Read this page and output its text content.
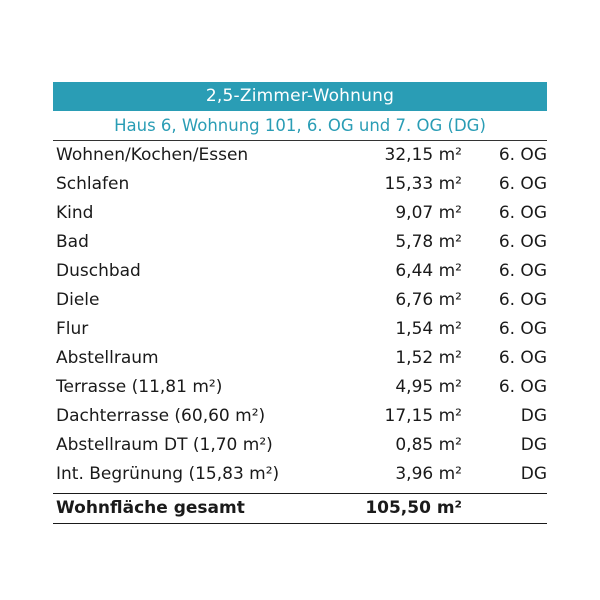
2,5-Zimmer-Wohnung
Haus 6, Wohnung 101, 6. OG und 7. OG (DG)
Wohnen/Kochen/Essen	32,15 m² 6. OG
Schlafen	15,33 m² 6. OG
Kind	9,07 m² 6. OG
Bad	5,78 m² 6. OG
Duschbad	6,44 m² 6. OG
Diele	6,76 m² 6. OG
Flur	1,54 m² 6. OG
Abstellraum	1,52 m² 6. OG
Terrasse (11,81 m²)	4,95 m² 6. OG
Dachterrasse (60,60 m²)	17,15 m²	DG
Abstellraum DT (1,70 m²)	0,85 m²	DG
Int. Begrünung (15,83 m²)	3,96 m²	DG
Wohnfläche gesamt	105,50 m²
